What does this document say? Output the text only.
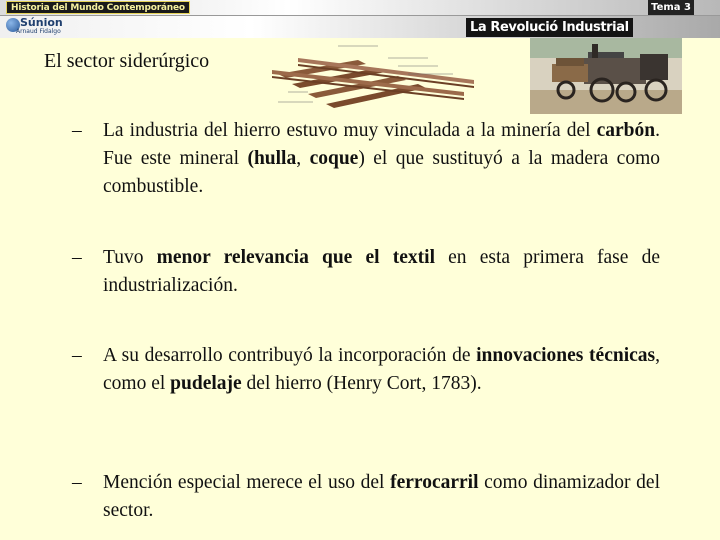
Historia del Mundo Contemporáneo	Tema 3
Súnion
Arnaud Fidalgo	La Revolució Industrial
El sector siderúrgico
– La industria del hierro estuvo muy vinculada a la minería del carbón. Fue este mineral (hulla, coque) el que sustituyó a la madera como combustible.
– Tuvo menor relevancia que el textil en esta primera fase de industrialización.
– A su desarrollo contribuyó la incorporación de innovaciones técnicas, como el pudelaje del hierro (Henry Cort, 1783).
– Mención especial merece el uso del ferrocarril como dinamizador del sector.
